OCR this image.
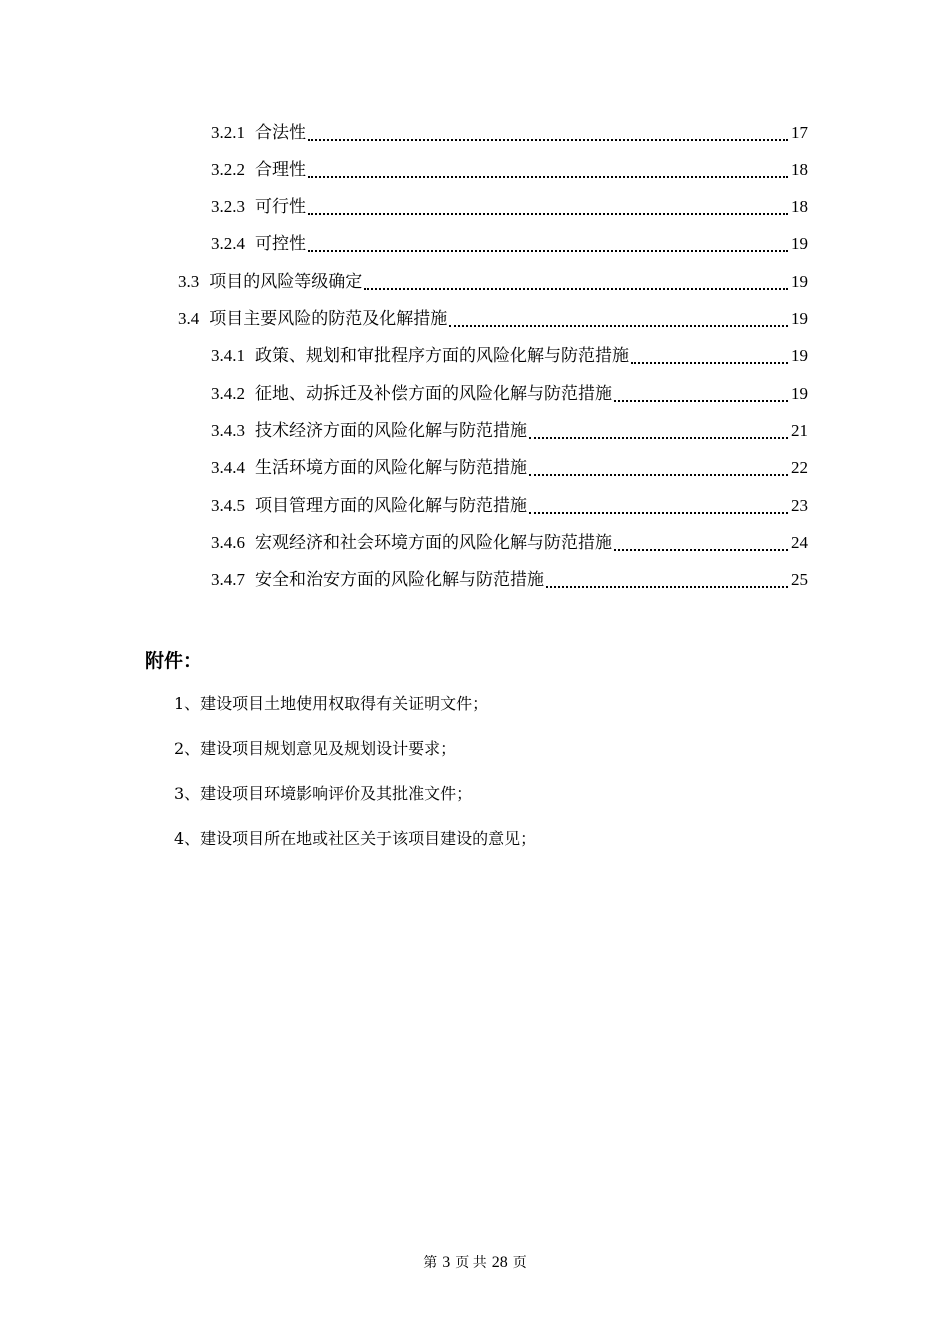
3.2.1 合法性	17
3.2.2 合理性	18
3.2.3 可行性	18
3.2.4 可控性	19
3.3 项目的风险等级确定	19
3.4 项目主要风险的防范及化解措施	19
3.4.1 政策、规划和审批程序方面的风险化解与防范措施	19
3.4.2 征地、动拆迁及补偿方面的风险化解与防范措施	19
3.4.3 技术经济方面的风险化解与防范措施	21
3.4.4 生活环境方面的风险化解与防范措施	22
3.4.5 项目管理方面的风险化解与防范措施	23
3.4.6 宏观经济和社会环境方面的风险化解与防范措施	24
3.4.7 安全和治安方面的风险化解与防范措施	25
附件：
1、建设项目土地使用权取得有关证明文件；
2、建设项目规划意见及规划设计要求；
3、建设项目环境影响评价及其批准文件；
4、建设项目所在地或社区关于该项目建设的意见；
第 3 页 共 28 页
